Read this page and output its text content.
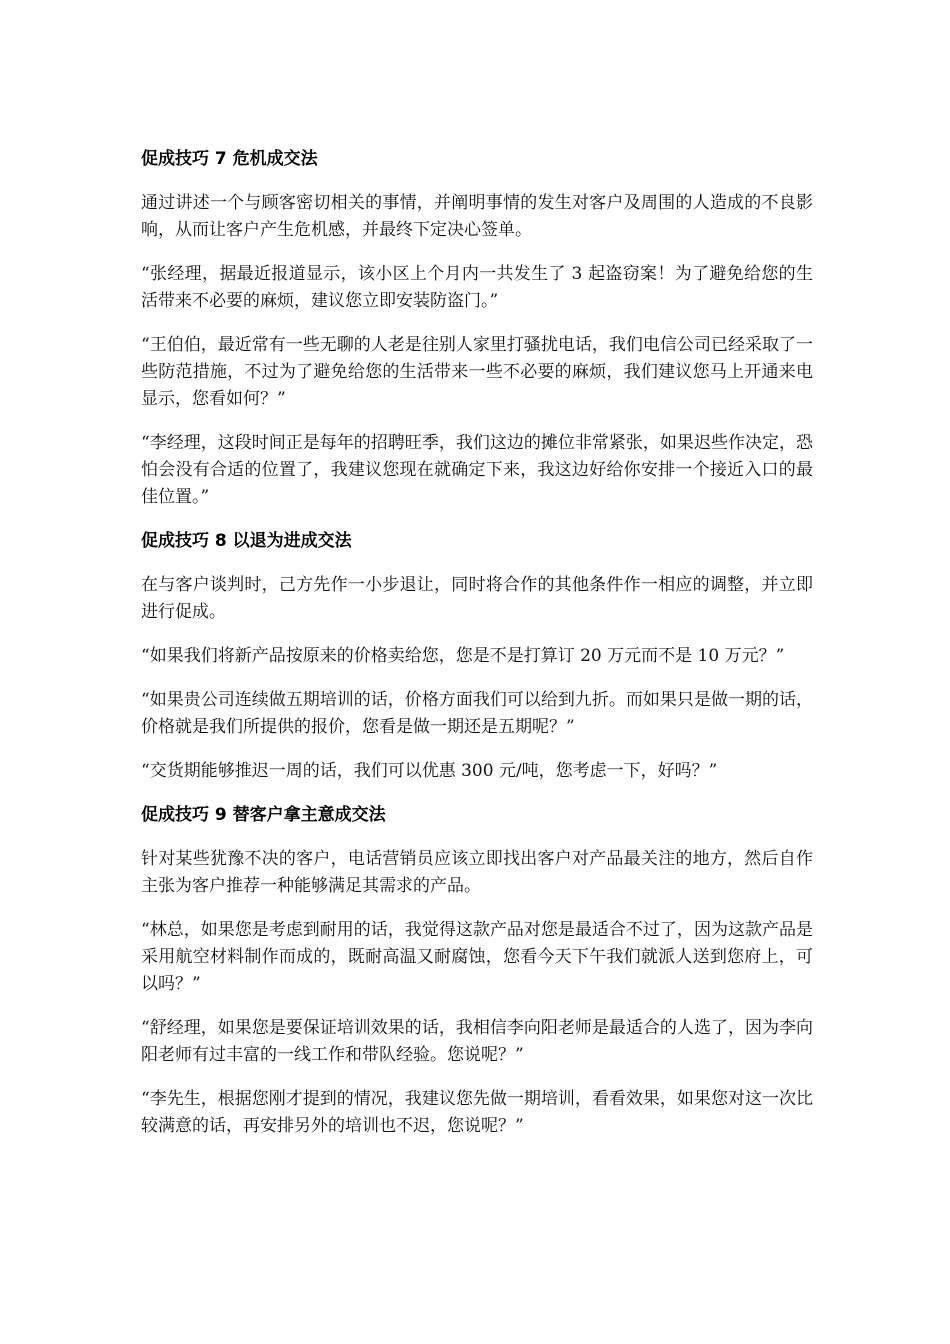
促成技巧 7 危机成交法

通过讲述一个与顾客密切相关的事情，并阐明事情的发生对客户及周围的人造成的不良影响，从而让客户产生危机感，并最终下定决心签单。

“张经理，据最近报道显示，该小区上个月内一共发生了 3 起盗窃案！为了避免给您的生活带来不必要的麻烦，建议您立即安装防盗门。”

“王伯伯，最近常有一些无聊的人老是往别人家里打骚扰电话，我们电信公司已经采取了一些防范措施，不过为了避免给您的生活带来一些不必要的麻烦，我们建议您马上开通来电显示，您看如何？”

“李经理，这段时间正是每年的招聘旺季，我们这边的摊位非常紧张，如果迟些作决定，恐怕会没有合适的位置了，我建议您现在就确定下来，我这边好给你安排一个接近入口的最佳位置。”

促成技巧 8 以退为进成交法

在与客户谈判时，己方先作一小步退让，同时将合作的其他条件作一相应的调整，并立即进行促成。

“如果我们将新产品按原来的价格卖给您，您是不是打算订 20 万元而不是 10 万元？”

“如果贵公司连续做五期培训的话，价格方面我们可以给到九折。而如果只是做一期的话，价格就是我们所提供的报价，您看是做一期还是五期呢？”

“交货期能够推迟一周的话，我们可以优惠 300 元/吨，您考虑一下，好吗？”

促成技巧 9 替客户拿主意成交法

针对某些犹豫不决的客户，电话营销员应该立即找出客户对产品最关注的地方，然后自作主张为客户推荐一种能够满足其需求的产品。

“林总，如果您是考虑到耐用的话，我觉得这款产品对您是最适合不过了，因为这款产品是采用航空材料制作而成的，既耐高温又耐腐蚀，您看今天下午我们就派人送到您府上，可以吗？”

“舒经理，如果您是要保证培训效果的话，我相信李向阳老师是最适合的人选了，因为李向阳老师有过丰富的一线工作和带队经验。您说呢？”

“李先生，根据您刚才提到的情况，我建议您先做一期培训，看看效果，如果您对这一次比较满意的话，再安排另外的培训也不迟，您说呢？”
